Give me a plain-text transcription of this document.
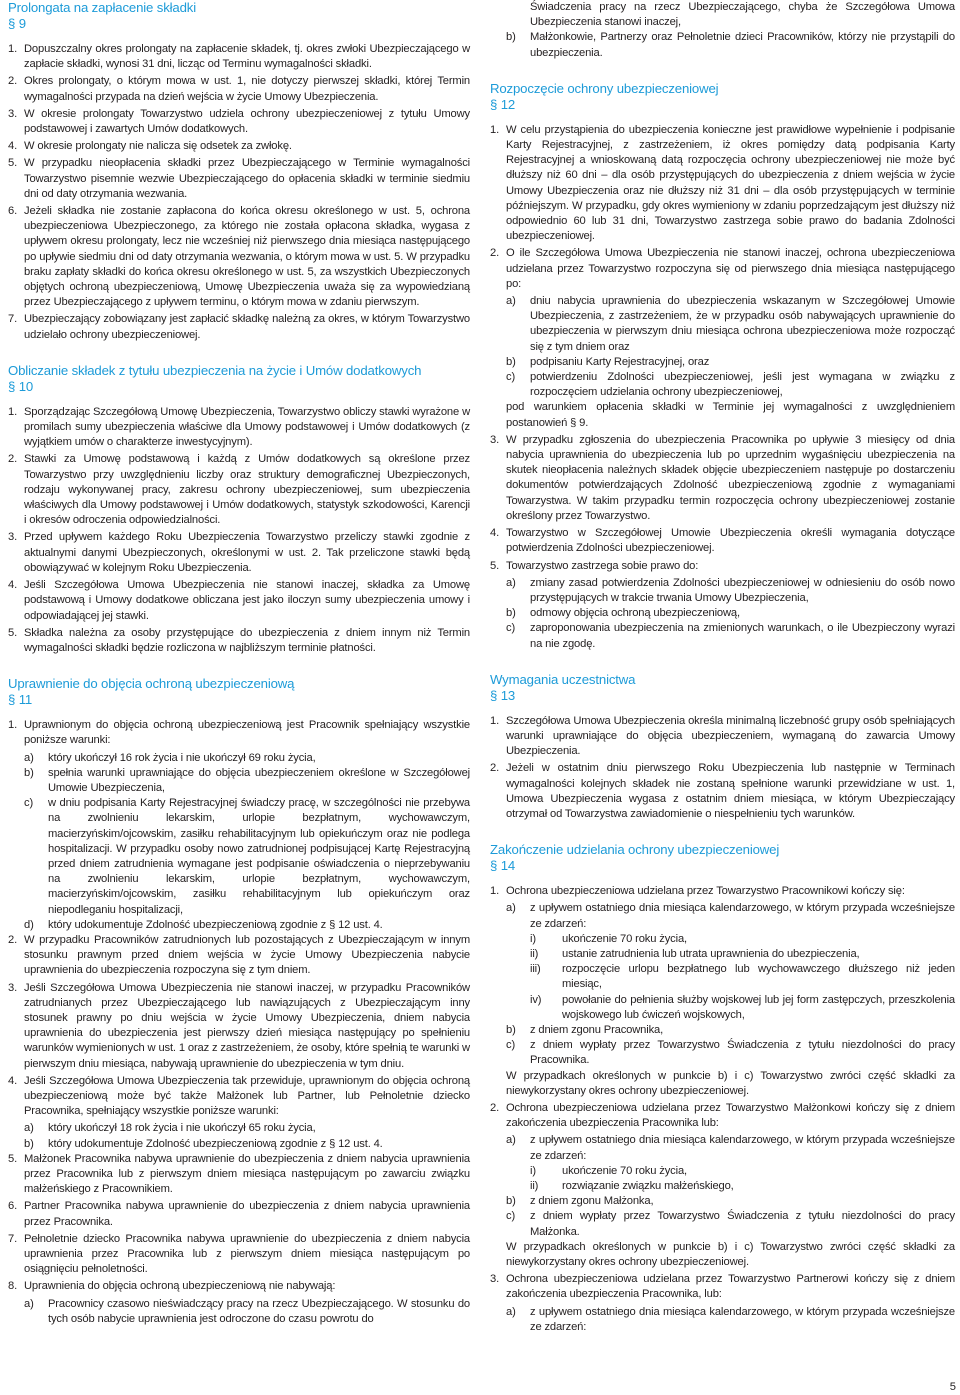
Prolongata na zapłacenie składki
§ 9

1. Dopuszczalny okres prolongaty na zapłacenie składek, tj. okres zwłoki Ubezpieczającego w zapłacie składki, wynosi 31 dni, licząc od Terminu wymagalności składki.

2. Okres prolongaty, o którym mowa w ust. 1, nie dotyczy pierwszej składki, której Termin wymagalności przypada na dzień wejścia w życie Umowy Ubezpieczenia.

3. W okresie prolongaty Towarzystwo udziela ochrony ubezpieczeniowej z tytułu Umowy podstawowej i zawartych Umów dodatkowych.

4. W okresie prolongaty nie nalicza się odsetek za zwłokę.

5. W przypadku nieopłacenia składki przez Ubezpieczającego w Terminie wymagalności Towarzystwo pisemnie wezwie Ubezpieczającego do opłacenia składki w terminie siedmiu dni od daty otrzymania wezwania.

6. Jeżeli składka nie zostanie zapłacona do końca okresu określonego w ust. 5, ochrona ubezpieczeniowa Ubezpieczonego, za którego nie została opłacona składka, wygasa z upływem okresu prolongaty, lecz nie wcześniej niż pierwszego dnia miesiąca następującego po upływie siedmiu dni od daty otrzymania wezwania, o którym mowa w ust. 5. W przypadku braku zapłaty składki do końca okresu określonego w ust. 5, za wszystkich Ubezpieczonych objętych ochroną ubezpieczeniową, Umowę Ubezpieczenia uważa się za wypowiedzianą przez Ubezpieczającego z upływem terminu, o którym mowa w zdaniu pierwszym.

7. Ubezpieczający zobowiązany jest zapłacić składkę należną za okres, w którym Towarzystwo udzielało ochrony ubezpieczeniowej.

Obliczanie składek z tytułu ubezpieczenia na życie i Umów dodatkowych
§ 10

1. Sporządzając Szczegółową Umowę Ubezpieczenia, Towarzystwo obliczy stawki wyrażone w promilach sumy ubezpieczenia właściwe dla Umowy podstawowej i Umów dodatkowych (z wyjątkiem umów o charakterze inwestycyjnym).

2. Stawki za Umowę podstawową i każdą z Umów dodatkowych są określone przez Towarzystwo przy uwzględnieniu liczby oraz struktury demograficznej Ubezpieczonych, rodzaju wykonywanej pracy, zakresu ochrony ubezpieczeniowej, sum ubezpieczenia właściwych dla Umowy podstawowej i Umów dodatkowych, statystyk szkodowości, Karencji i okresów odroczenia odpowiedzialności.

3. Przed upływem każdego Roku Ubezpieczenia Towarzystwo przeliczy stawki zgodnie z aktualnymi danymi Ubezpieczonych, określonymi w ust. 2. Tak przeliczone stawki będą obowiązywać w kolejnym Roku Ubezpieczenia.

4. Jeśli Szczegółowa Umowa Ubezpieczenia nie stanowi inaczej, składka za Umowę podstawową i Umowy dodatkowe obliczana jest jako iloczyn sumy ubezpieczenia umowy i odpowiadającej jej stawki.

5. Składka należna za osoby przystępujące do ubezpieczenia z dniem innym niż Termin wymagalności składki będzie rozliczona w najbliższym terminie płatności.

Uprawnienie do objęcia ochroną ubezpieczeniową
§ 11

1. Uprawnionym do objęcia ochroną ubezpieczeniową jest Pracownik spełniający wszystkie poniższe warunki:

a) który ukończył 16 rok życia i nie ukończył 69 roku życia,

b) spełnia warunki uprawniające do objęcia ubezpieczeniem określone w Szczegółowej Umowie Ubezpieczenia,

c) w dniu podpisania Karty Rejestracyjnej świadczy pracę, w szczególności nie przebywa na zwolnieniu lekarskim, urlopie bezpłatnym, wychowawczym, macierzyńskim/ojcowskim, zasiłku rehabilitacyjnym lub opiekuńczym oraz nie podlega hospitalizacji. W przypadku osoby nowo zatrudnionej podpisującej Kartę Rejestracyjną przed dniem zatrudnienia wymagane jest podpisanie oświadczenia o nieprzebywaniu na zwolnieniu lekarskim, urlopie bezpłatnym, wychowawczym, macierzyńskim/ojcowskim, zasiłku rehabilitacyjnym lub opiekuńczym oraz niepodleganiu hospitalizacji,

d) który udokumentuje Zdolność ubezpieczeniową zgodnie z § 12 ust. 4.

2. W przypadku Pracowników zatrudnionych lub pozostających z Ubezpieczającym w innym stosunku prawnym przed dniem wejścia w życie Umowy Ubezpieczenia nabycie uprawnienia do ubezpieczenia rozpoczyna się z tym dniem.

3. Jeśli Szczegółowa Umowa Ubezpieczenia nie stanowi inaczej, w przypadku Pracowników zatrudnianych przez Ubezpieczającego lub nawiązujących z Ubezpieczającym inny stosunek prawny po dniu wejścia w życie Umowy Ubezpieczenia, dniem nabycia uprawnienia do ubezpieczenia jest pierwszy dzień miesiąca następujący po spełnieniu warunków wymienionych w ust. 1 oraz z zastrzeżeniem, że osoby, które spełnią te warunki w pierwszym dniu miesiąca, nabywają uprawnienie do ubezpieczenia w tym dniu.

4. Jeśli Szczegółowa Umowa Ubezpieczenia tak przewiduje, uprawnionym do objęcia ochroną ubezpieczeniową może być także Małżonek lub Partner, lub Pełnoletnie dziecko Pracownika, spełniający wszystkie poniższe warunki:

a) który ukończył 18 rok życia i nie ukończył 65 roku życia,

b) który udokumentuje Zdolność ubezpieczeniową zgodnie z § 12 ust. 4.

5. Małżonek Pracownika nabywa uprawnienie do ubezpieczenia z dniem nabycia uprawnienia przez Pracownika lub z pierwszym dniem miesiąca następującym po zawarciu związku małżeńskiego z Pracownikiem.

6. Partner Pracownika nabywa uprawnienie do ubezpieczenia z dniem nabycia uprawnienia przez Pracownika.

7. Pełnoletnie dziecko Pracownika nabywa uprawnienie do ubezpieczenia z dniem nabycia uprawnienia przez Pracownika lub z pierwszym dniem miesiąca następującym po osiągnięciu pełnoletności.

8. Uprawnienia do objęcia ochroną ubezpieczeniową nie nabywają:

a) Pracownicy czasowo nieświadczący pracy na rzecz Ubezpieczającego. W stosunku do tych osób nabycie uprawnienia jest odroczone do czasu powrotu do

Świadczenia pracy na rzecz Ubezpieczającego, chyba że Szczegółowa Umowa Ubezpieczenia stanowi inaczej,

b) Małżonkowie, Partnerzy oraz Pełnoletnie dzieci Pracowników, którzy nie przystąpili do ubezpieczenia.

Rozpoczęcie ochrony ubezpieczeniowej
§ 12

1. W celu przystąpienia do ubezpieczenia konieczne jest prawidłowe wypełnienie i podpisanie Karty Rejestracyjnej, z zastrzeżeniem, iż okres pomiędzy datą podpisania Karty Rejestracyjnej a wnioskowaną datą rozpoczęcia ochrony ubezpieczeniowej nie może być dłuższy niż 60 dni – dla osób przystępujących do ubezpieczenia z dniem wejścia w życie Umowy Ubezpieczenia oraz nie dłuższy niż 31 dni – dla osób przystępujących w terminie późniejszym. W przypadku, gdy okres wymieniony w zdaniu poprzedzającym jest dłuższy niż odpowiednio 60 lub 31 dni, Towarzystwo zastrzega sobie prawo do badania Zdolności ubezpieczeniowej.

2. O ile Szczegółowa Umowa Ubezpieczenia nie stanowi inaczej, ochrona ubezpieczeniowa udzielana przez Towarzystwo rozpoczyna się od pierwszego dnia miesiąca następującego po:

a) dniu nabycia uprawnienia do ubezpieczenia wskazanym w Szczegółowej Umowie Ubezpieczenia, z zastrzeżeniem, że w przypadku osób nabywających uprawnienie do ubezpieczenia w pierwszym dniu miesiąca ochrona ubezpieczeniowa może rozpocząć się z tym dniem oraz

b) podpisaniu Karty Rejestracyjnej, oraz

c) potwierdzeniu Zdolności ubezpieczeniowej, jeśli jest wymagana w związku z rozpoczęciem udzielania ochrony ubezpieczeniowej,

pod warunkiem opłacenia składki w Terminie jej wymagalności z uwzględnieniem postanowień § 9.

3. W przypadku zgłoszenia do ubezpieczenia Pracownika po upływie 3 miesięcy od dnia nabycia uprawnienia do ubezpieczenia lub po uprzednim wygaśnięciu ubezpieczenia na skutek nieopłacenia należnych składek objęcie ubezpieczeniem następuje po dostarczeniu dokumentów potwierdzających Zdolność ubezpieczeniową zgodnie z wymaganiami Towarzystwa. W takim przypadku termin rozpoczęcia ochrony ubezpieczeniowej zostanie określony przez Towarzystwo.

4. Towarzystwo w Szczegółowej Umowie Ubezpieczenia określi wymagania dotyczące potwierdzenia Zdolności ubezpieczeniowej.

5. Towarzystwo zastrzega sobie prawo do:

a) zmiany zasad potwierdzenia Zdolności ubezpieczeniowej w odniesieniu do osób nowo przystępujących w trakcie trwania Umowy Ubezpieczenia,

b) odmowy objęcia ochroną ubezpieczeniową,

c) zaproponowania ubezpieczenia na zmienionych warunkach, o ile Ubezpieczony wyrazi na nie zgodę.

Wymagania uczestnictwa
§ 13

1. Szczegółowa Umowa Ubezpieczenia określa minimalną liczebność grupy osób spełniających warunki uprawniające do objęcia ubezpieczeniem, wymaganą do zawarcia Umowy Ubezpieczenia.

2. Jeżeli w ostatnim dniu pierwszego Roku Ubezpieczenia lub następnie w Terminach wymagalności kolejnych składek nie zostaną spełnione warunki przewidziane w ust. 1, Umowa Ubezpieczenia wygasa z ostatnim dniem miesiąca, w którym Ubezpieczający otrzymał od Towarzystwa zawiadomienie o niespełnieniu tych warunków.

Zakończenie udzielania ochrony ubezpieczeniowej
§ 14

1. Ochrona ubezpieczeniowa udzielana przez Towarzystwo Pracownikowi kończy się:

a) z upływem ostatniego dnia miesiąca kalendarzowego, w którym przypada wcześniejsze ze zdarzeń:

i) ukończenie 70 roku życia,

ii) ustanie zatrudnienia lub utrata uprawnienia do ubezpieczenia,

iii) rozpoczęcie urlopu bezpłatnego lub wychowawczego dłuższego niż jeden miesiąc,

iv) powołanie do pełnienia służby wojskowej lub jej form zastępczych, przeszkolenia wojskowego lub ćwiczeń wojskowych,

b) z dniem zgonu Pracownika,

c) z dniem wypłaty przez Towarzystwo Świadczenia z tytułu niezdolności do pracy Pracownika.

W przypadkach określonych w punkcie b) i c) Towarzystwo zwróci część składki za niewykorzystany okres ochrony ubezpieczeniowej.

2. Ochrona ubezpieczeniowa udzielana przez Towarzystwo Małżonkowi kończy się z dniem zakończenia ubezpieczenia Pracownika lub:

a) z upływem ostatniego dnia miesiąca kalendarzowego, w którym przypada wcześniejsze ze zdarzeń:

i) ukończenie 70 roku życia,

ii) rozwiązanie związku małżeńskiego,

b) z dniem zgonu Małżonka,

c) z dniem wypłaty przez Towarzystwo Świadczenia z tytułu niezdolności do pracy Małżonka.

W przypadkach określonych w punkcie b) i c) Towarzystwo zwróci część składki za niewykorzystany okres ochrony ubezpieczeniowej.

3. Ochrona ubezpieczeniowa udzielana przez Towarzystwo Partnerowi kończy się z dniem zakończenia ubezpieczenia Pracownika, lub:

a) z upływem ostatniego dnia miesiąca kalendarzowego, w którym przypada wcześniejsze ze zdarzeń:

5
